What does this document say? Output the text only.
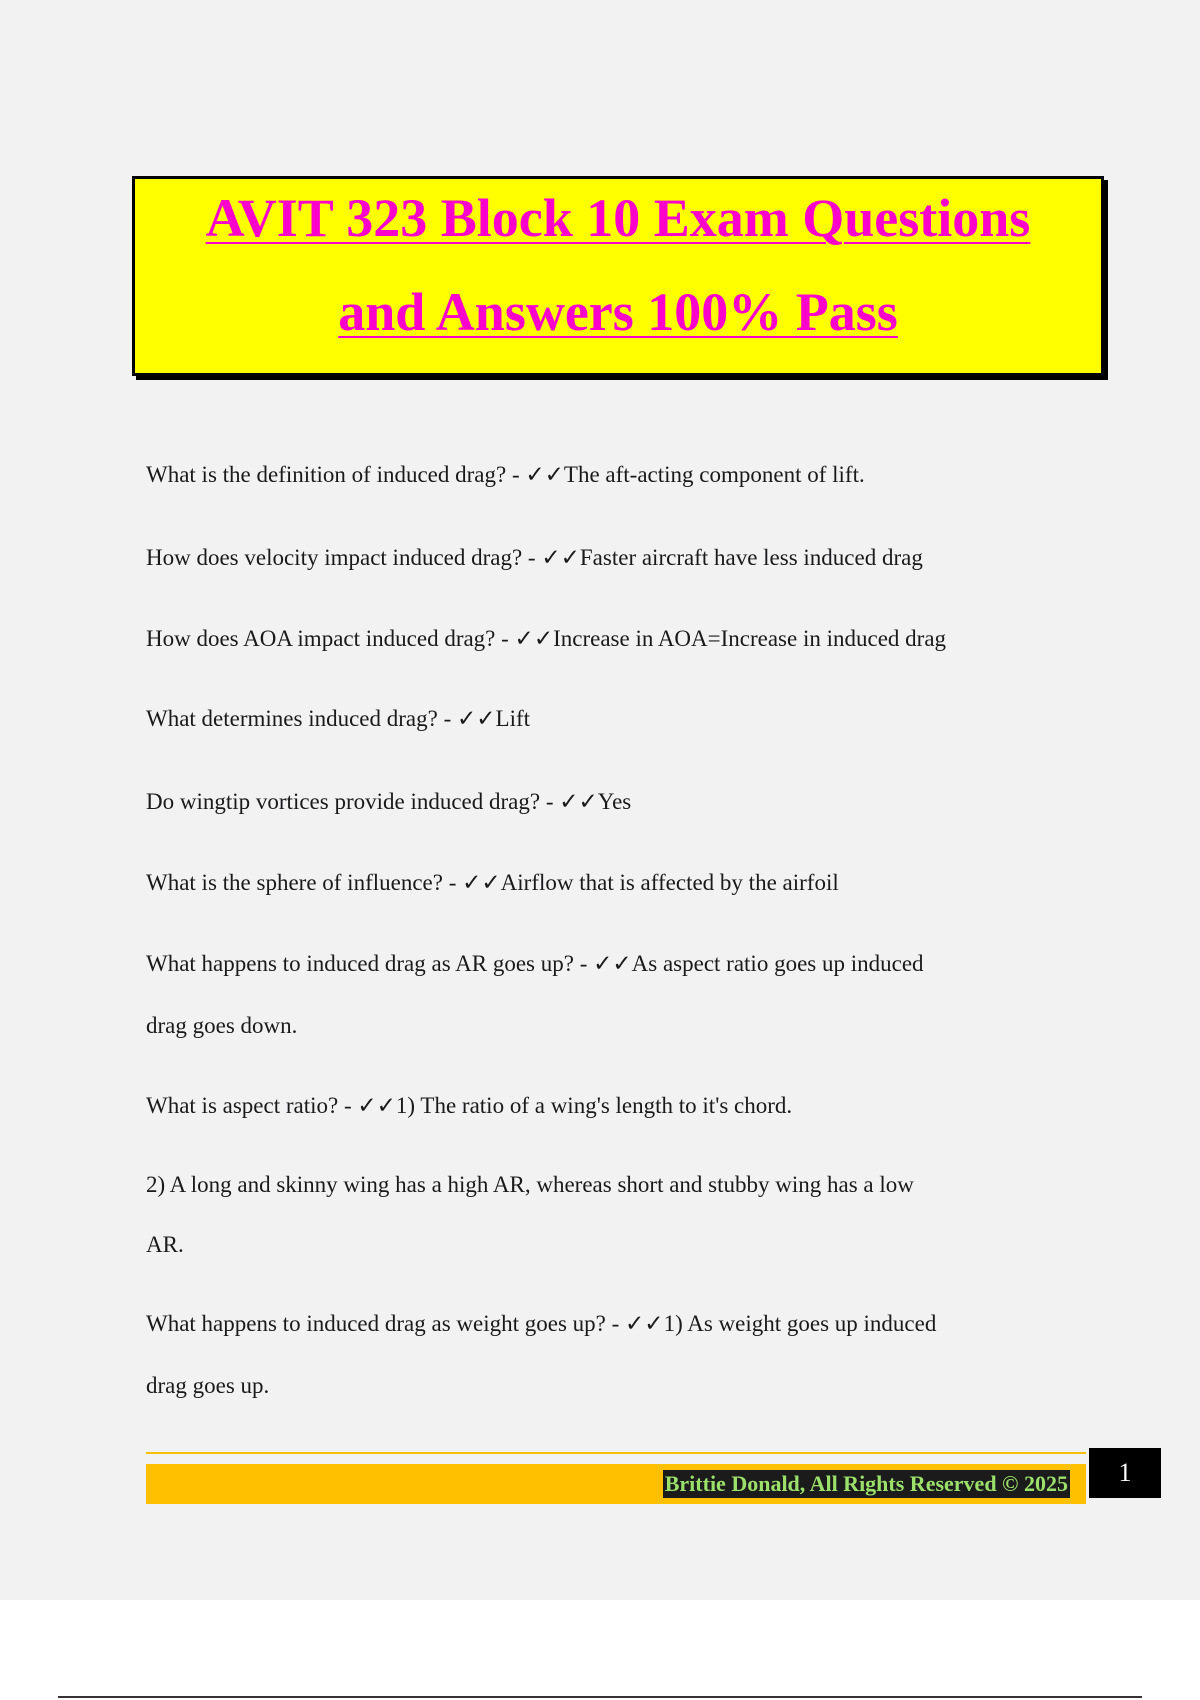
AVIT 323 Block 10 Exam Questions
and Answers 100% Pass
What is the definition of induced drag? - ✓✓The aft-acting component of lift.
How does velocity impact induced drag? - ✓✓Faster aircraft have less induced drag
How does AOA impact induced drag? - ✓✓Increase in AOA=Increase in induced drag
What determines induced drag? - ✓✓Lift
Do wingtip vortices provide induced drag? - ✓✓Yes
What is the sphere of influence? - ✓✓Airflow that is affected by the airfoil
What happens to induced drag as AR goes up? - ✓✓As aspect ratio goes up induced
drag goes down.
What is aspect ratio? - ✓✓1) The ratio of a wing's length to it's chord.
2) A long and skinny wing has a high AR, whereas short and stubby wing has a low
AR.
What happens to induced drag as weight goes up? - ✓✓1) As weight goes up induced
drag goes up.
Brittie Donald, All Rights Reserved © 2025	1
